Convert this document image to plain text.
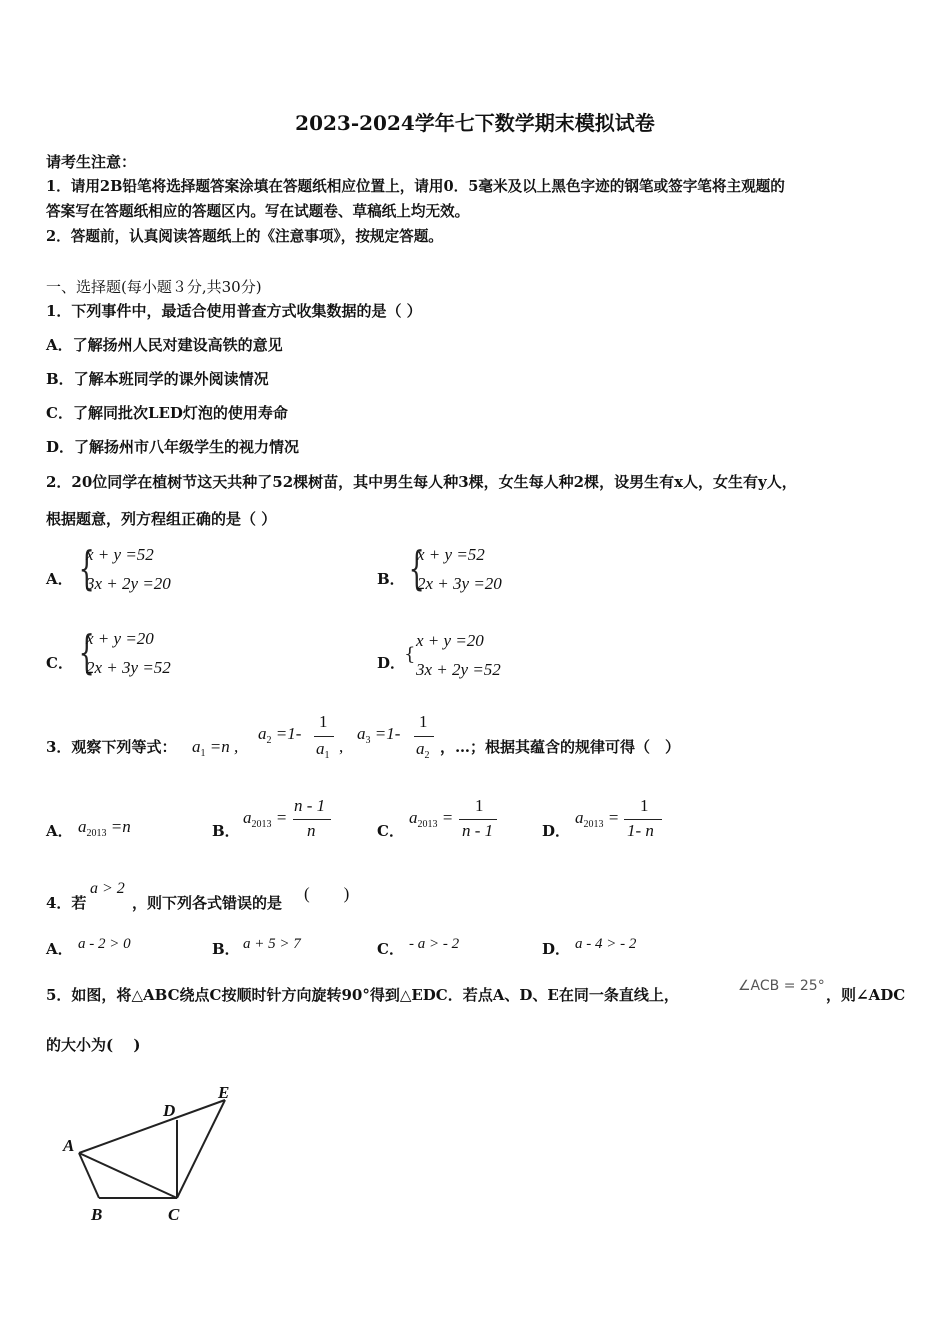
2023-2024学年七下数学期末模拟试卷
请考生注意：
1．请用2B铅笔将选择题答案涂填在答题纸相应位置上，请用0．5毫米及以上黑色字迹的钢笔或签字笔将主观题的
答案写在答题纸相应的答题区内。写在试题卷、草稿纸上均无效。
2．答题前，认真阅读答题纸上的《注意事项》，按规定答题。
一、选择题(每小题３分,共30分)
1．下列事件中，最适合使用普查方式收集数据的是（ ）
A．了解扬州人民对建设高铁的意见
B．了解本班同学的课外阅读情况
C．了解同批次LED灯泡的使用寿命
D．了解扬州市八年级学生的视力情况
2．20位同学在植树节这天共种了52棵树苗，其中男生每人种3棵，女生每人种2棵，设男生有x人，女生有y人，
根据题意，列方程组正确的是（ ）
A． {
x + y =52
3x + 2y =20	B． {
x + y =52
2x + 3y =20
C． {
x + y =20
2x + 3y =52	D．
{
x + y =20
3x + 2y =52
3．观察下列等式： $a_1 =n$ ,
$a_2 =1-$
1
$a_1$ ,
$a_3 =1-$
1
$a_2$ ，…；根据其蕴含的规律可得（　）
A． $a_{2013} =n$	B．
$a_{2013}$ =
n - 1
n	C．
$a_{2013}$ =
1
n - 1	D．
$a_{2013}$ =
1
1- n
4．若
a > 2
，则下列各式错误的是 (　　)
A． a - 2 > 0	B． a + 5 > 7	C． - a > - 2	D． a - 4 > - 2
5．如图，将△ABC绕点C按顺时针方向旋转90°得到△EDC．若点A、D、E在同一条直线上，	∠ACB = 25° ，则∠ADC
的大小为(　 )
A
B	C
D
E
